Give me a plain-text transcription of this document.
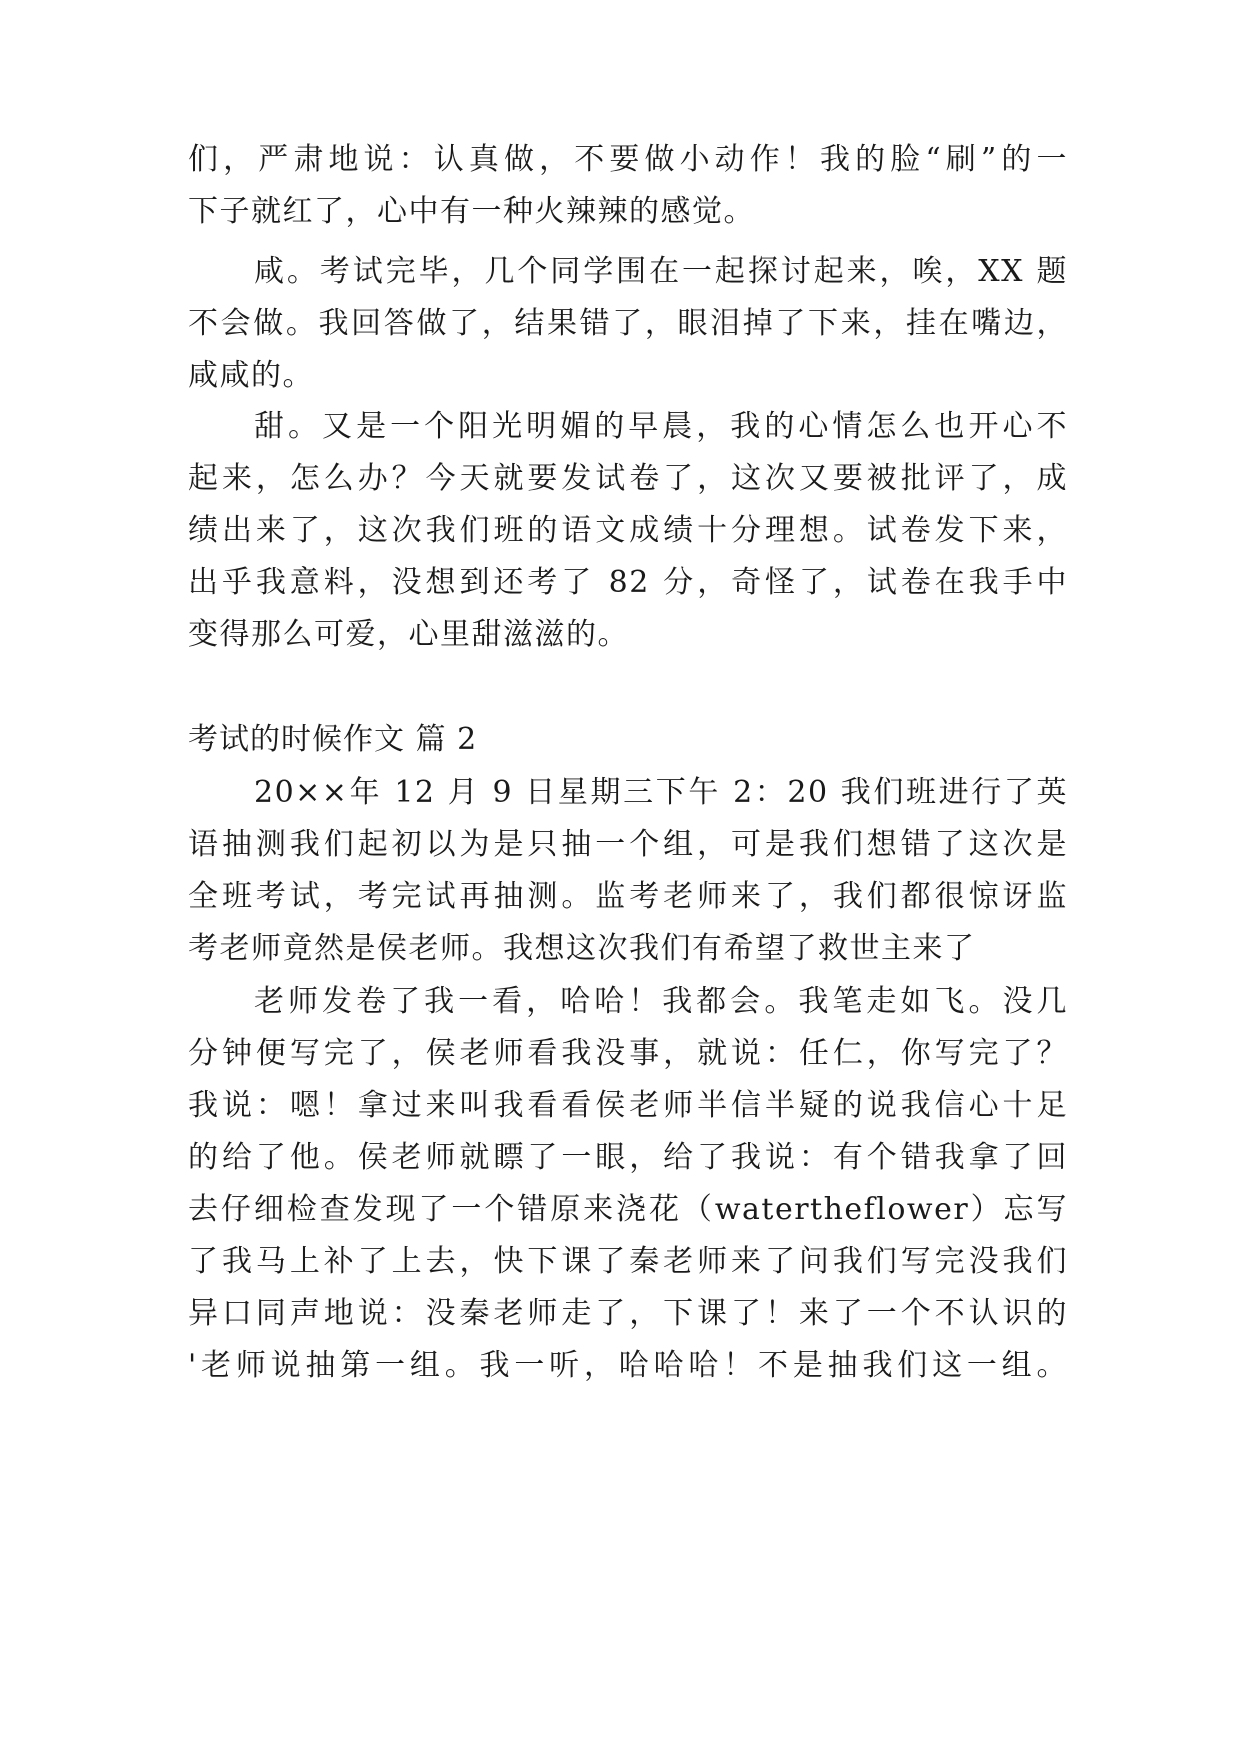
们，严肃地说：认真做，不要做小动作！我的脸“刷”的一
下子就红了，心中有一种火辣辣的感觉。
咸。考试完毕，几个同学围在一起探讨起来，唉，XX 题
不会做。我回答做了，结果错了，眼泪掉了下来，挂在嘴边，
咸咸的。
甜。又是一个阳光明媚的早晨，我的心情怎么也开心不
起来，怎么办？今天就要发试卷了，这次又要被批评了，成
绩出来了，这次我们班的语文成绩十分理想。试卷发下来，
出乎我意料，没想到还考了 82 分，奇怪了，试卷在我手中
变得那么可爱，心里甜滋滋的。
考试的时候作文 篇 2
20××年 12 月 9 日星期三下午 2：20 我们班进行了英
语抽测我们起初以为是只抽一个组，可是我们想错了这次是
全班考试，考完试再抽测。监考老师来了，我们都很惊讶监
考老师竟然是侯老师。我想这次我们有希望了救世主来了
老师发卷了我一看，哈哈！我都会。我笔走如飞。没几
分钟便写完了，侯老师看我没事，就说：任仁，你写完了？
我说：嗯！拿过来叫我看看侯老师半信半疑的说我信心十足
的给了他。侯老师就瞟了一眼，给了我说：有个错我拿了回
去仔细检查发现了一个错原来浇花（watertheflower）忘写
了我马上补了上去，快下课了秦老师来了问我们写完没我们
异口同声地说：没秦老师走了，下课了！来了一个不认识的
'老师说抽第一组。我一听，哈哈哈！不是抽我们这一组。
